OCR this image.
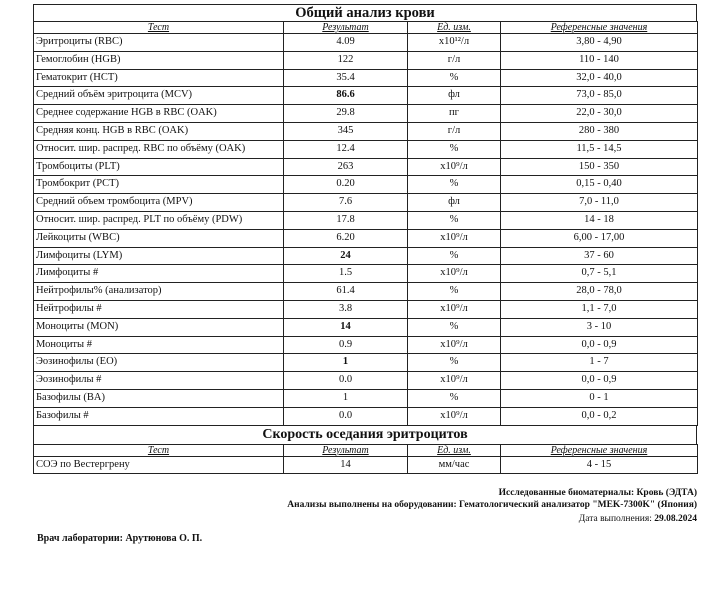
Общий анализ крови
Тест	Результат	Ед. изм.	Референсные значения
Эритроциты (RBC)	4.09	x10¹²/л	3,80 - 4,90
Гемоглобин (HGB)	122	г/л	110 - 140
Гематокрит (HCT)	35.4	%	32,0 - 40,0
Средний объём эритроцита (MCV)	86.6	фл	73,0 - 85,0
Среднее содержание HGB в RBC (OAK)	29.8	пг	22,0 - 30,0
Средняя конц. HGB в RBC (OAK)	345	г/л	280 - 380
Относит. шир. распред. RBC по объёму (OAK)	12.4	%	11,5 - 14,5
Тромбоциты (PLT)	263	x10⁹/л	150 - 350
Тромбокрит (PCT)	0.20	%	0,15 - 0,40
Средний объем тромбоцита (MPV)	7.6	фл	7,0 - 11,0
Относит. шир. распред. PLT по объёму (PDW)	17.8	%	14 - 18
Лейкоциты (WBC)	6.20	x10⁹/л	6,00 - 17,00
Лимфоциты (LYM)	24	%	37 - 60
Лимфоциты #	1.5	x10⁹/л	0,7 - 5,1
Нейтрофилы% (анализатор)	61.4	%	28,0 - 78,0
Нейтрофилы #	3.8	x10⁹/л	1,1 - 7,0
Моноциты (MON)	14	%	3 - 10
Моноциты #	0.9	x10⁹/л	0,0 - 0,9
Эозинофилы (EO)	1	%	1 - 7
Эозинофилы #	0.0	x10⁹/л	0,0 - 0,9
Базофилы (BA)	1	%	0 - 1
Базофилы #	0.0	x10⁹/л	0,0 - 0,2
Скорость оседания эритроцитов
Тест	Результат	Ед. изм.	Референсные значения
СОЭ по Вестергрену	14	мм/час	4 - 15
Исследованные биоматериалы: Кровь (ЭДТА)
Анализы выполнены на оборудовании: Гематологический анализатор "MEK-7300K" (Япония)
Дата выполнения: 29.08.2024
Врач лаборатории: Арутюнова О. П.
